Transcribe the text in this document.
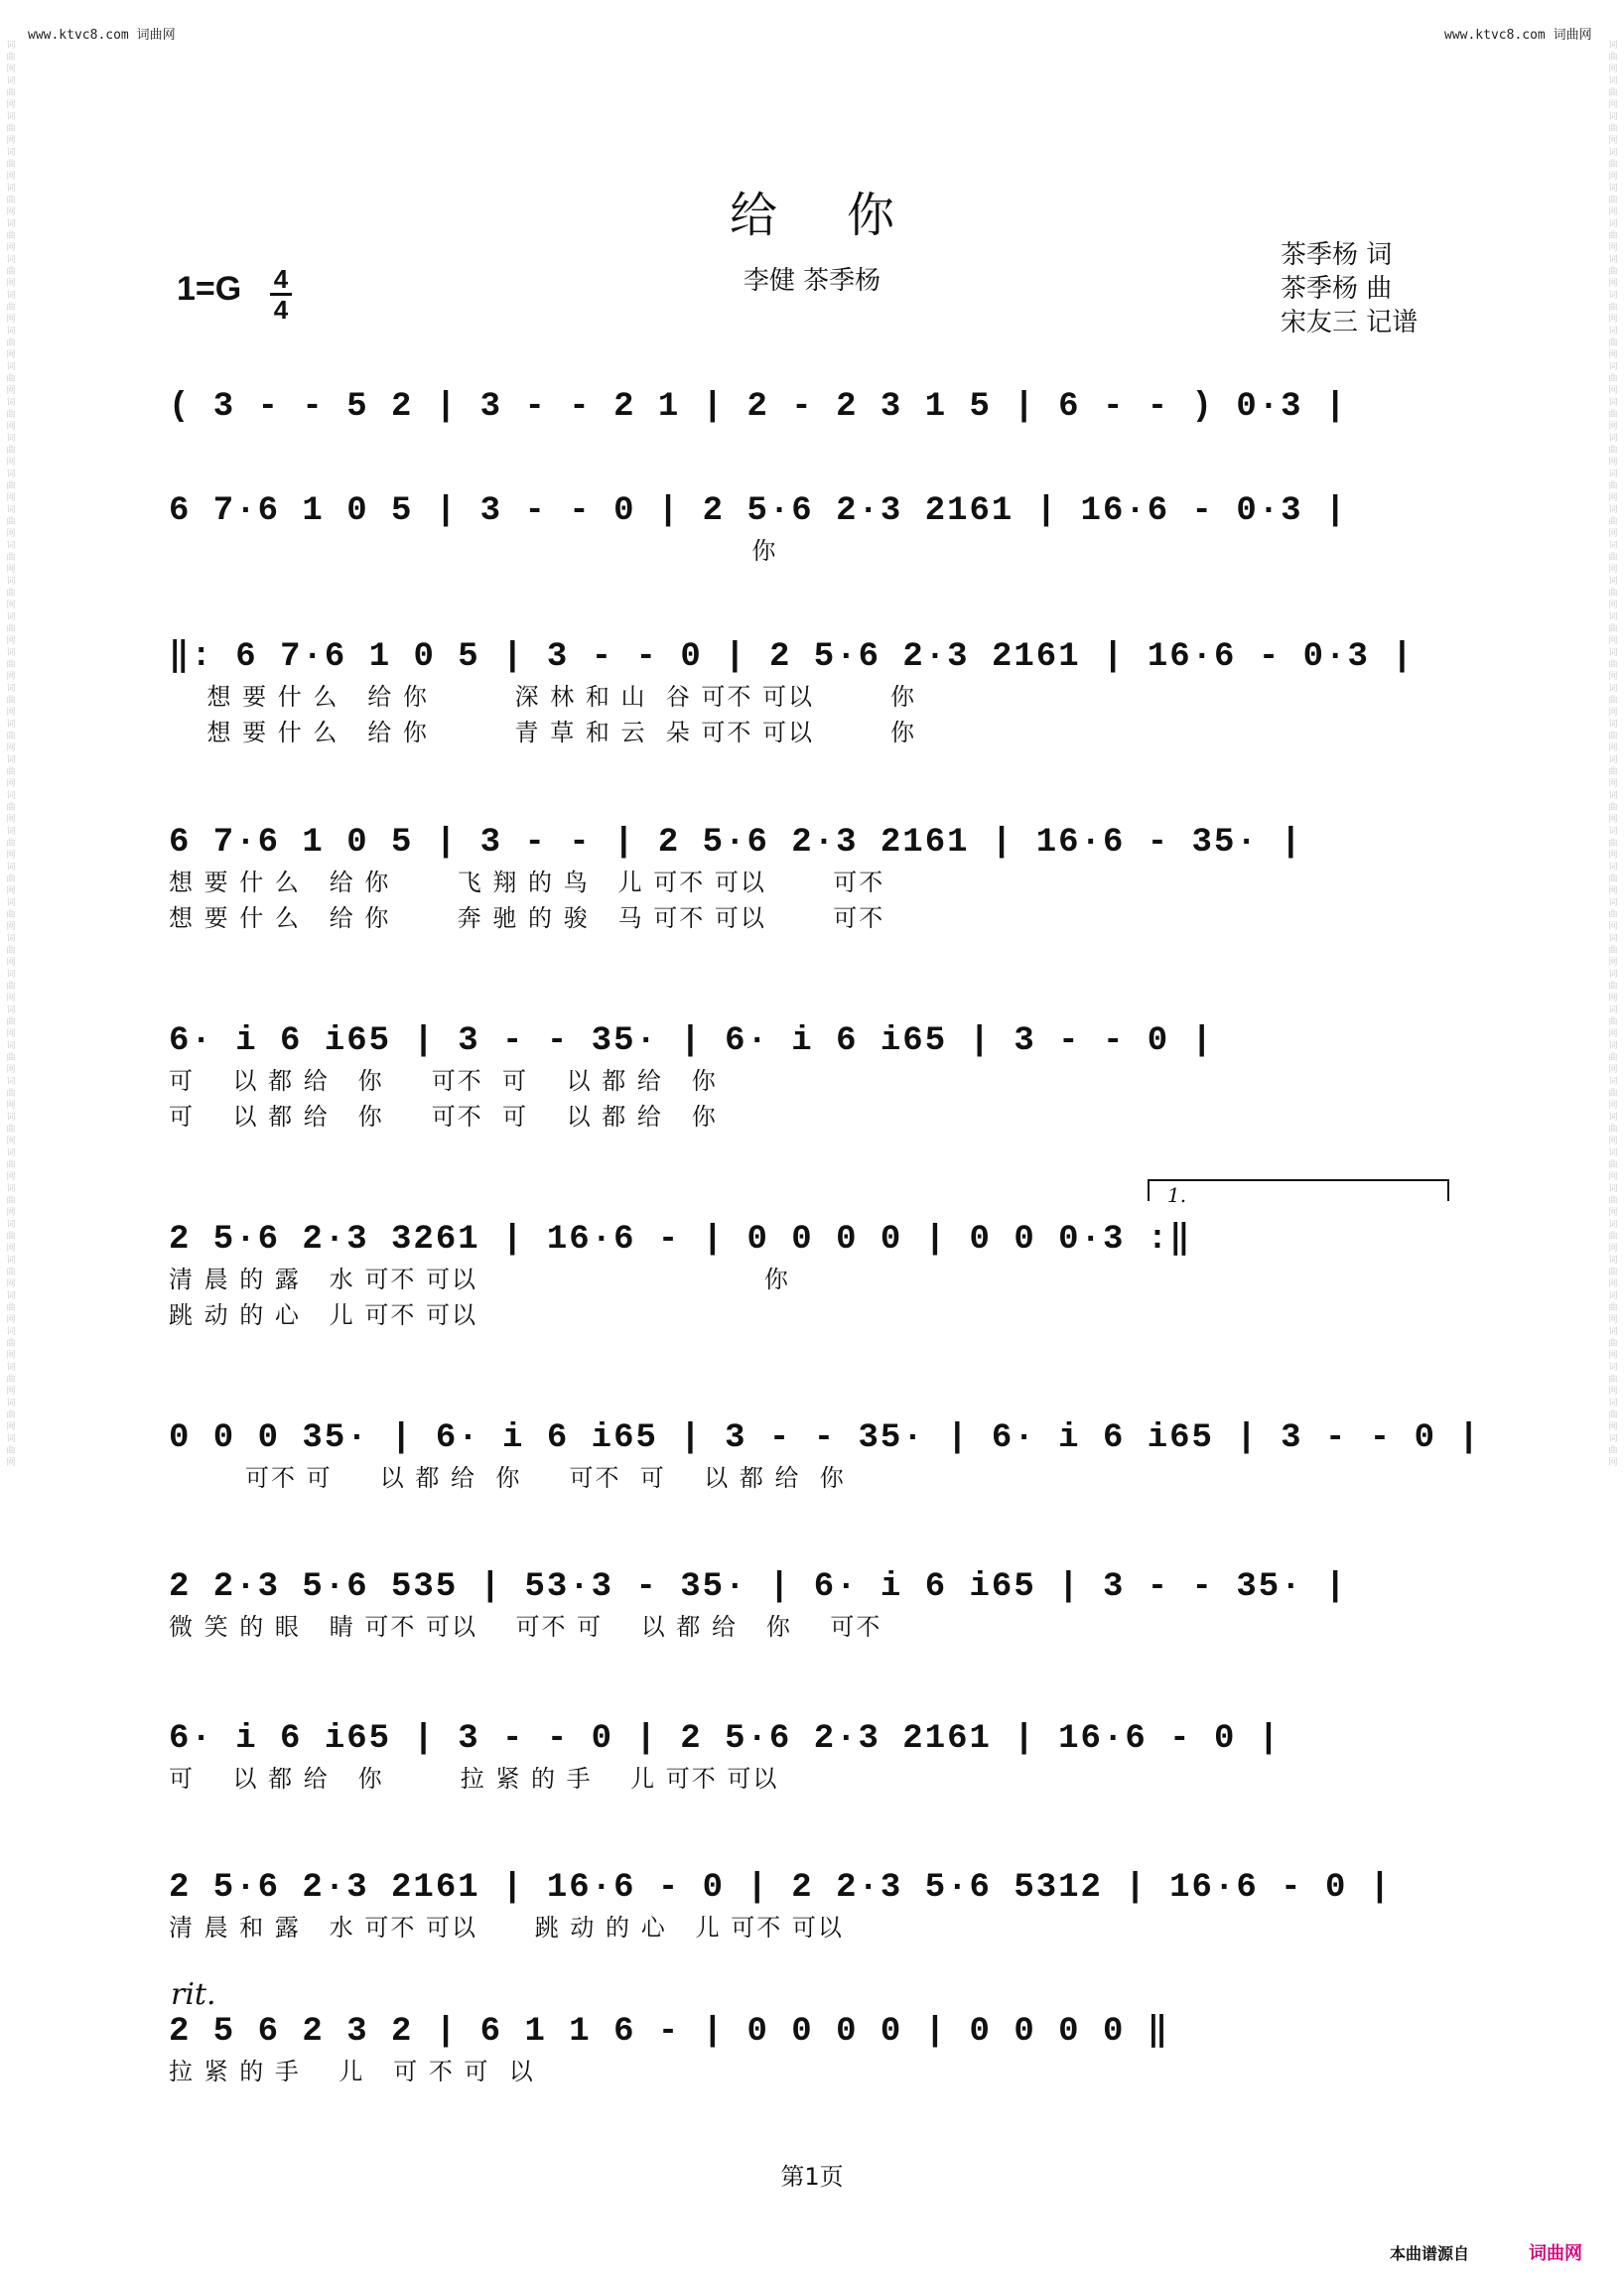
www.ktvc8.com 词曲网	www.ktvc8.com 词曲网
词曲网词曲网词曲网词曲网词曲网词曲网词曲网词曲网词曲网词曲网词曲网词曲网词曲网词曲网词曲网词曲网词曲网词曲网词曲网词曲网词曲网词曲网词曲网词曲网词曲网词曲网词曲网词曲网词曲网词曲网词曲网词曲网词曲网词曲网词曲网词曲网词曲网词曲网词曲网词曲网
词曲网词曲网词曲网词曲网词曲网词曲网词曲网词曲网词曲网词曲网词曲网词曲网词曲网词曲网词曲网词曲网词曲网词曲网词曲网词曲网词曲网词曲网词曲网词曲网词曲网词曲网词曲网词曲网词曲网词曲网词曲网词曲网词曲网词曲网词曲网词曲网词曲网词曲网词曲网词曲网
给你
李健 茶季杨
茶季杨 词
茶季杨 曲
宋友三 记谱
1=G 4
4
( 3 - - 5 2 | 3 - - 2 1 | 2 - 2 3 1 5 | 6 - - ) 0·3 |

6 7·6 1 0 5 | 3 - - 0 | 2 5·6 2·3 2161 | 16·6 - 0·3 |
你
‖: 6 7·6 1 0 5 | 3 - - 0 | 2 5·6 2·3 2161 | 16·6 - 0·3 |
想 要 什 么   给 你         深 林 和 山  谷 可不 可以        你
想 要 什 么   给 你         青 草 和 云  朵 可不 可以        你
6 7·6 1 0 5 | 3 - - | 2 5·6 2·3 2161 | 16·6 - 35· |
想 要 什 么   给 你       飞 翔 的 鸟   儿 可不 可以       可不
想 要 什 么   给 你       奔 驰 的 骏   马 可不 可以       可不
6· i 6 i65 | 3 - - 35· | 6· i 6 i65 | 3 - - 0 |
可    以 都 给   你     可不  可    以 都 给   你
可    以 都 给   你     可不  可    以 都 给   你
1.
2 5·6 2·3 3261 | 16·6 - | 0 0 0 0 | 0 0 0·3 :‖
清 晨 的 露   水 可不 可以                              你
跳 动 的 心   儿 可不 可以
0 0 0 35· | 6· i 6 i65 | 3 - - 35· | 6· i 6 i65 | 3 - - 0 |
可不 可     以 都 给  你     可不  可    以 都 给  你
2 2·3 5·6 535 | 53·3 - 35· | 6· i 6 i65 | 3 - - 35· |
微 笑 的 眼   睛 可不 可以    可不 可    以 都 给   你    可不
6· i 6 i65 | 3 - - 0 | 2 5·6 2·3 2161 | 16·6 - 0 |
可    以 都 给   你        拉 紧 的 手    儿 可不 可以
2 5·6 2·3 2161 | 16·6 - 0 | 2 2·3 5·6 5312 | 16·6 - 0 |
清 晨 和 露   水 可不 可以      跳 动 的 心   儿 可不 可以
rit.
2 5 6 2 3 2 | 6 1 1 6 - | 0 0 0 0 | 0 0 0 0 ‖
拉 紧 的 手    儿   可 不 可  以
第1页
本曲谱源自	词曲网
